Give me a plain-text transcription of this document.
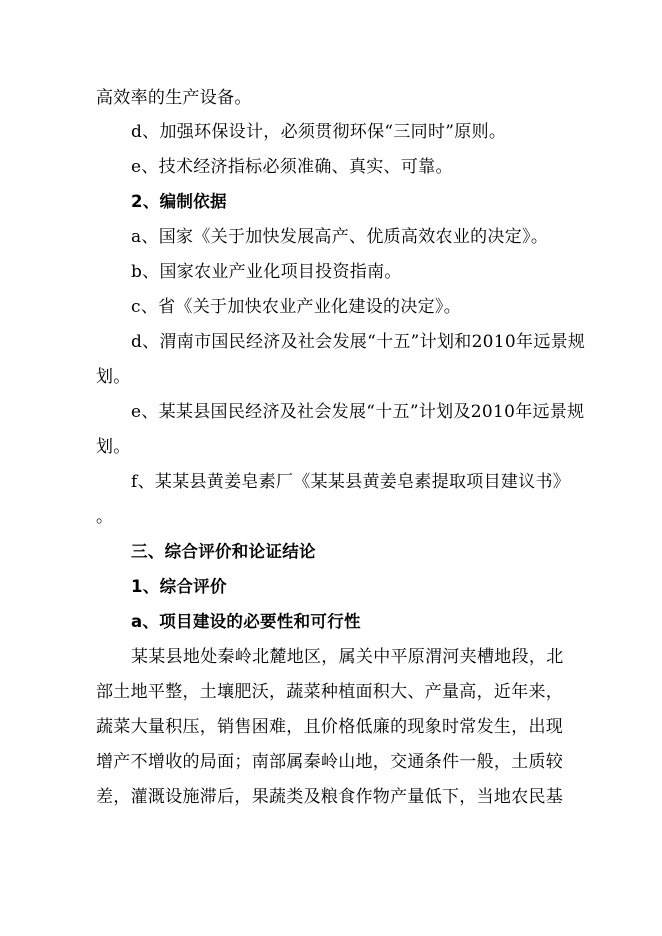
高效率的生产设备。
d、加强环保设计，必须贯彻环保“三同时”原则。
e、技术经济指标必须准确、真实、可靠。
2、编制依据
a、国家《关于加快发展高产、优质高效农业的决定》。
b、国家农业产业化项目投资指南。
c、省《关于加快农业产业化建设的决定》。
d、渭南市国民经济及社会发展“十五”计划和2010年远景规
划。
e、某某县国民经济及社会发展“十五”计划及2010年远景规
划。
f、某某县黄姜皂素厂《某某县黄姜皂素提取项目建议书》
。
三、综合评价和论证结论
1、综合评价
a、项目建设的必要性和可行性
某某县地处秦岭北麓地区，属关中平原渭河夹槽地段，北
部土地平整，土壤肥沃，蔬菜种植面积大、产量高，近年来，
蔬菜大量积压，销售困难，且价格低廉的现象时常发生，出现
增产不增收的局面；南部属秦岭山地，交通条件一般，土质较
差，灌溉设施滞后，果蔬类及粮食作物产量低下，当地农民基
